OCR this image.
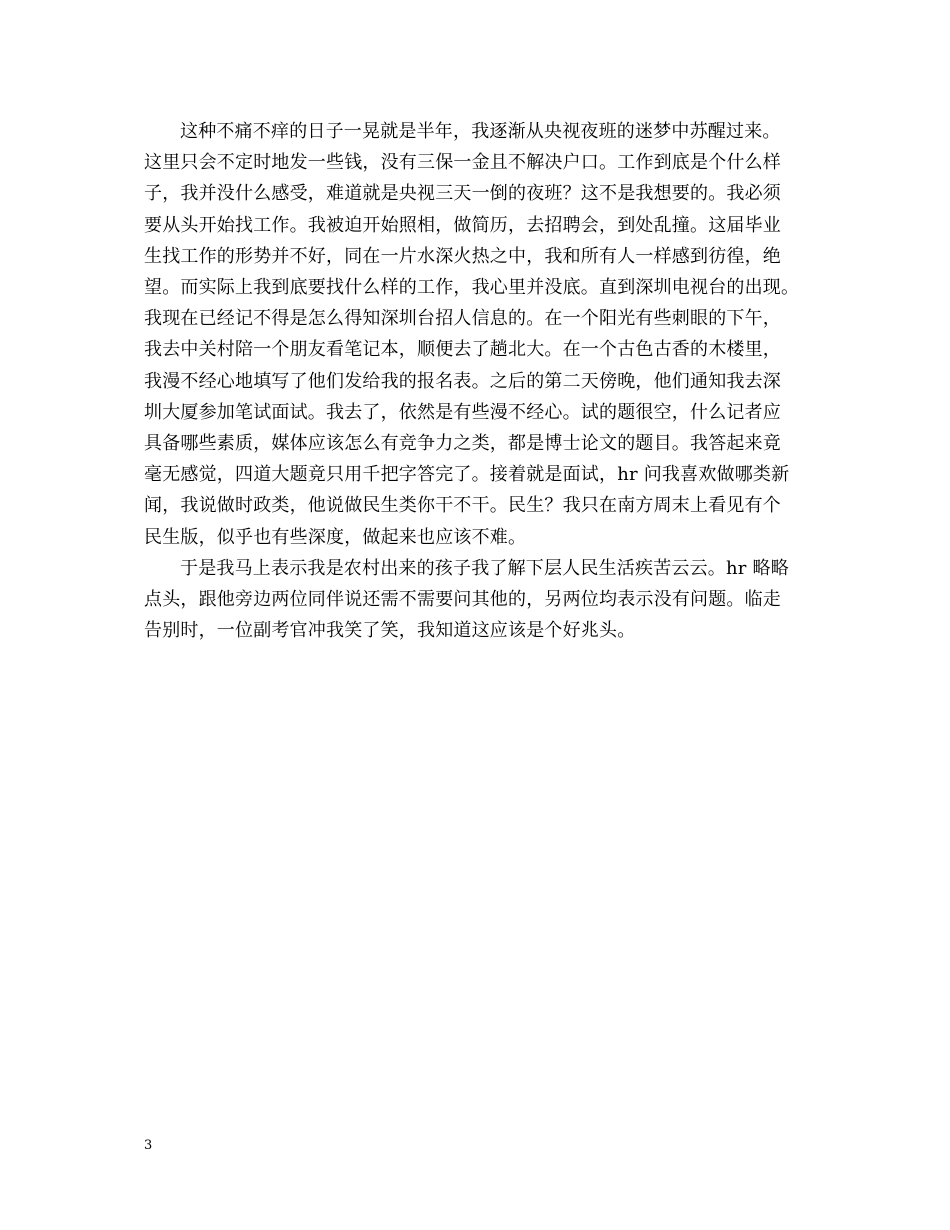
这种不痛不痒的日子一晃就是半年，我逐渐从央视夜班的迷梦中苏醒过来。
这里只会不定时地发一些钱，没有三保一金且不解决户口。工作到底是个什么样
子，我并没什么感受，难道就是央视三天一倒的夜班？这不是我想要的。我必须
要从头开始找工作。我被迫开始照相，做简历，去招聘会，到处乱撞。这届毕业
生找工作的形势并不好，同在一片水深火热之中，我和所有人一样感到彷徨，绝
望。而实际上我到底要找什么样的工作，我心里并没底。直到深圳电视台的出现。
我现在已经记不得是怎么得知深圳台招人信息的。在一个阳光有些刺眼的下午，
我去中关村陪一个朋友看笔记本，顺便去了趟北大。在一个古色古香的木楼里，
我漫不经心地填写了他们发给我的报名表。之后的第二天傍晚，他们通知我去深
圳大厦参加笔试面试。我去了，依然是有些漫不经心。试的题很空，什么记者应
具备哪些素质，媒体应该怎么有竞争力之类，都是博士论文的题目。我答起来竟
毫无感觉，四道大题竟只用千把字答完了。接着就是面试，hr 问我喜欢做哪类新
闻，我说做时政类，他说做民生类你干不干。民生？我只在南方周末上看见有个
民生版，似乎也有些深度，做起来也应该不难。

于是我马上表示我是农村出来的孩子我了解下层人民生活疾苦云云。hr 略略
点头，跟他旁边两位同伴说还需不需要问其他的，另两位均表示没有问题。临走
告别时，一位副考官冲我笑了笑，我知道这应该是个好兆头。

3
